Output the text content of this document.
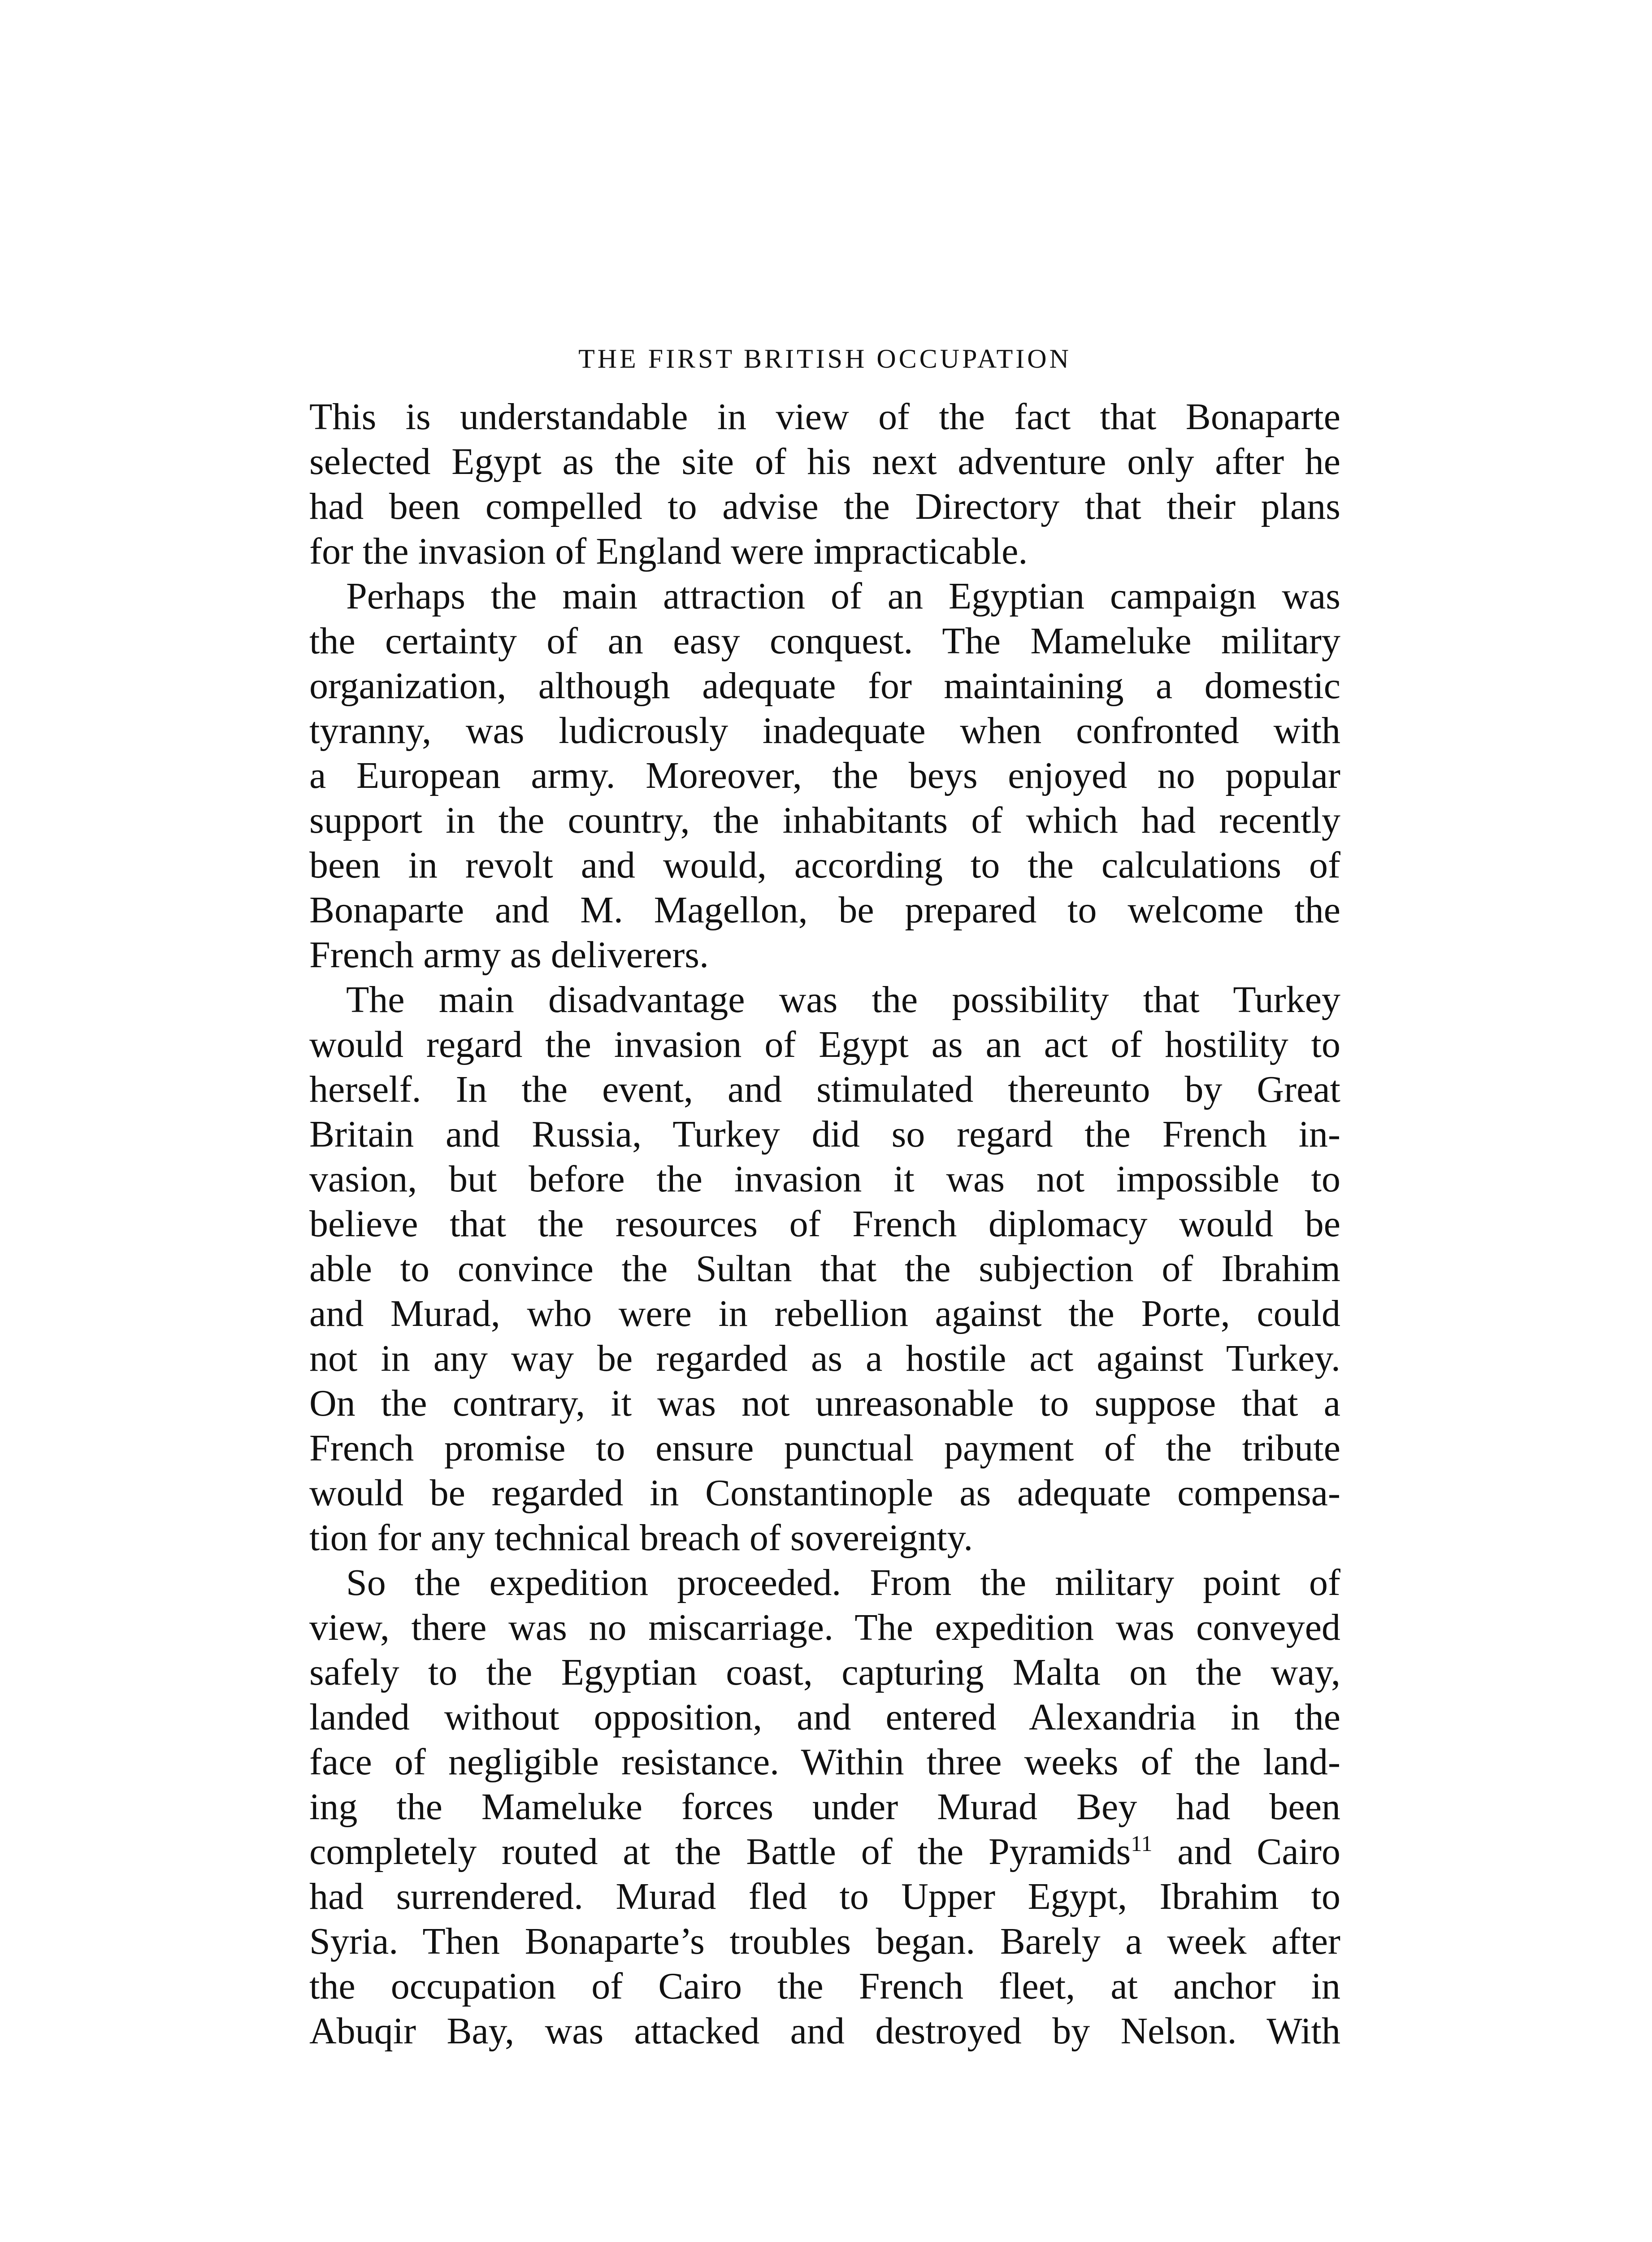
THE FIRST BRITISH OCCUPATION
This is understandable in view of the fact that Bonaparte
selected Egypt as the site of his next adventure only after he
had been compelled to advise the Directory that their plans
for the invasion of England were impracticable.
Perhaps the main attraction of an Egyptian campaign was
the certainty of an easy conquest. The Mameluke military
organization, although adequate for maintaining a domestic
tyranny, was ludicrously inadequate when confronted with
a European army. Moreover, the beys enjoyed no popular
support in the country, the inhabitants of which had recently
been in revolt and would, according to the calculations of
Bonaparte and M. Magellon, be prepared to welcome the
French army as deliverers.
The main disadvantage was the possibility that Turkey
would regard the invasion of Egypt as an act of hostility to
herself. In the event, and stimulated thereunto by Great
Britain and Russia, Turkey did so regard the French in-
vasion, but before the invasion it was not impossible to
believe that the resources of French diplomacy would be
able to convince the Sultan that the subjection of Ibrahim
and Murad, who were in rebellion against the Porte, could
not in any way be regarded as a hostile act against Turkey.
On the contrary, it was not unreasonable to suppose that a
French promise to ensure punctual payment of the tribute
would be regarded in Constantinople as adequate compensa-
tion for any technical breach of sovereignty.
So the expedition proceeded. From the military point of
view, there was no miscarriage. The expedition was conveyed
safely to the Egyptian coast, capturing Malta on the way,
landed without opposition, and entered Alexandria in the
face of negligible resistance. Within three weeks of the land-
ing the Mameluke forces under Murad Bey had been
completely routed at the Battle of the Pyramids$^{11}$ and Cairo
had surrendered. Murad fled to Upper Egypt, Ibrahim to
Syria. Then Bonaparte’s troubles began. Barely a week after
the occupation of Cairo the French fleet, at anchor in
Abuqir Bay, was attacked and destroyed by Nelson. With
